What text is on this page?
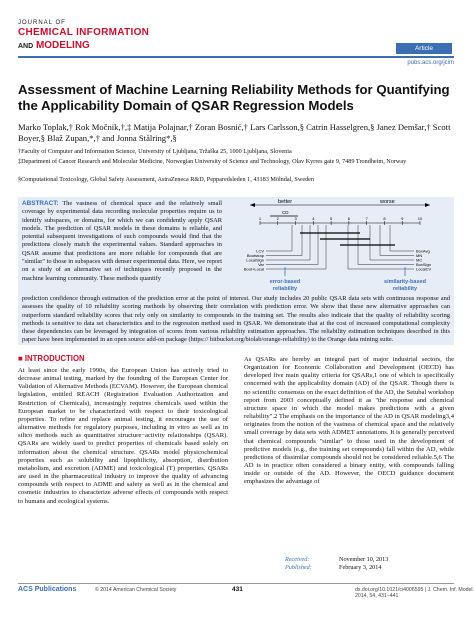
JOURNAL OF
CHEMICAL INFORMATION
AND MODELING	Article
pubs.acs.org/jcim
Assessment of Machine Learning Reliability Methods for Quantifying the Applicability Domain of QSAR Regression Models
Marko Toplak,† Rok Močnik,†,‡ Matija Polajnar,† Zoran Bosnić,† Lars Carlsson,§ Catrin Hasselgren,§ Janez Demšar,† Scott Boyer,§ Blaž Zupan,*,† and Jonna Stålring*,§
†Faculty of Computer and Information Science, University of Ljubljana, Tržaška 25, 1000 Ljubljana, Slovenia
‡Department of Cancer Research and Molecular Medicine, Norwegian University of Science and Technology, Olav Kyrres gate 9, 7489 Trondheim, Norway
§Computational Toxicology, Global Safety Assessment, AstraZeneca R&D, Pepparedsleden 1, 43183 Mölndal, Sweden
ABSTRACT: The vastness of chemical space and the relatively small coverage by experimental data recording molecular properties require us to identify subspaces, or domains, for which we can confidently apply QSAR models. The prediction of QSAR models in these domains is reliable, and potential subsequent investigations of such compounds would find that the predictions closely match the experimental values. Standard approaches in QSAR assume that predictions are more reliable for compounds that are "similar" to those in subspaces with denser experimental data. Here, we report on a study of an alternative set of techniques recently proposed in the machine learning community. These methods quantify
prediction confidence through estimation of the prediction error at the point of interest. Our study includes 20 public QSAR data sets with continuous response and assesses the quality of 10 reliability scoring methods by observing their correlation with prediction error. We show that these new alternative approaches can outperform standard reliability scores that rely only on similarity to compounds in the training set. The results also indicate that the quality of reliability scoring methods is sensitive to data set characteristics and to the regression method used in QSAR. We demonstrate that at the cost of increased computational complexity these dependencies can be leveraged by integration of scores from various reliability estimation approaches. The reliability estimation techniques described in this paper have been implemented in an open source add-on package (https:// bitbucket.org/biolab/orange-reliability) to the Orange data mining suite.
better	worse
CD
1	2	3	4	5	6	7	8	9	10
LCV
Bootstrap
LocalSign
Var
Boot+Local
BoxAvg
MN
MC
BoxSign
LocalCV
error-based
reliability
similarity-based
reliability
■ INTRODUCTION
At least since the early 1990s, the European Union has actively tried to decrease animal testing, marked by the founding of the European Center for Validation of Alternative Methods (ECVAM). However, the European chemical legislation, entitled REACH (Registration Evaluation Authorization and Restriction of Chemicals), increasingly requires chemicals used within the European market to be characterized with respect to their toxicological properties. To refine and replace animal testing, it encourages the use of alternative methods for regulatory purposes, including in vitro as well as in silico methods such as quantitative structure−activity relationships (QSAR). QSARs are widely used to predict properties of chemicals based solely on information about the chemical structure. QSARs model physicochemical properties such as solubility and lipophilicity, absorption, distribution metabolism, and excretion (ADME) and toxicological (T) properties. QSARs are used in the pharmaceutical industry to improve the quality of advancing compounds with respect to ADME and safety as well as in the chemical and cosmetic industries to characterize adverse effects of compounds with respect to humans and ecological systems.
As QSARs are hereby an integral part of major industrial sectors, the Organization for Economic Collaboration and Development (OECD) has developed five main quality criteria for QSARs,1 one of which is specifically concerned with the applicability domain (AD) of the QSAR. Though there is no scientific consensus on the exact definition of the AD, the Setubal workshop report from 2003 conceptually defined it as "the response and chemical structure space in which the model makes predictions with a given reliability".2 The emphasis on the importance of the AD in QSAR modeling3,4 originates from the notion of the vastness of chemical space and the relatively small coverage by data sets with ADMET annotations. It is generally perceived that chemical compounds "similar" to those used in the development of predictive models (e.g., the training set compounds) fall within the AD, while predictions of dissimilar compounds should not be considered reliable.5,6 The AD is in practice often considered a binary entity, with compounds falling inside or outside of the AD. However, the OECD guidance document emphasizes the advantage of
Received:	November 10, 2013
Published:	February 3, 2014
ACS Publications	© 2014 American Chemical Society	431	dx.doi.org/10.1021/ci4006595 | J. Chem. Inf. Model. 2014, 54, 431−441
